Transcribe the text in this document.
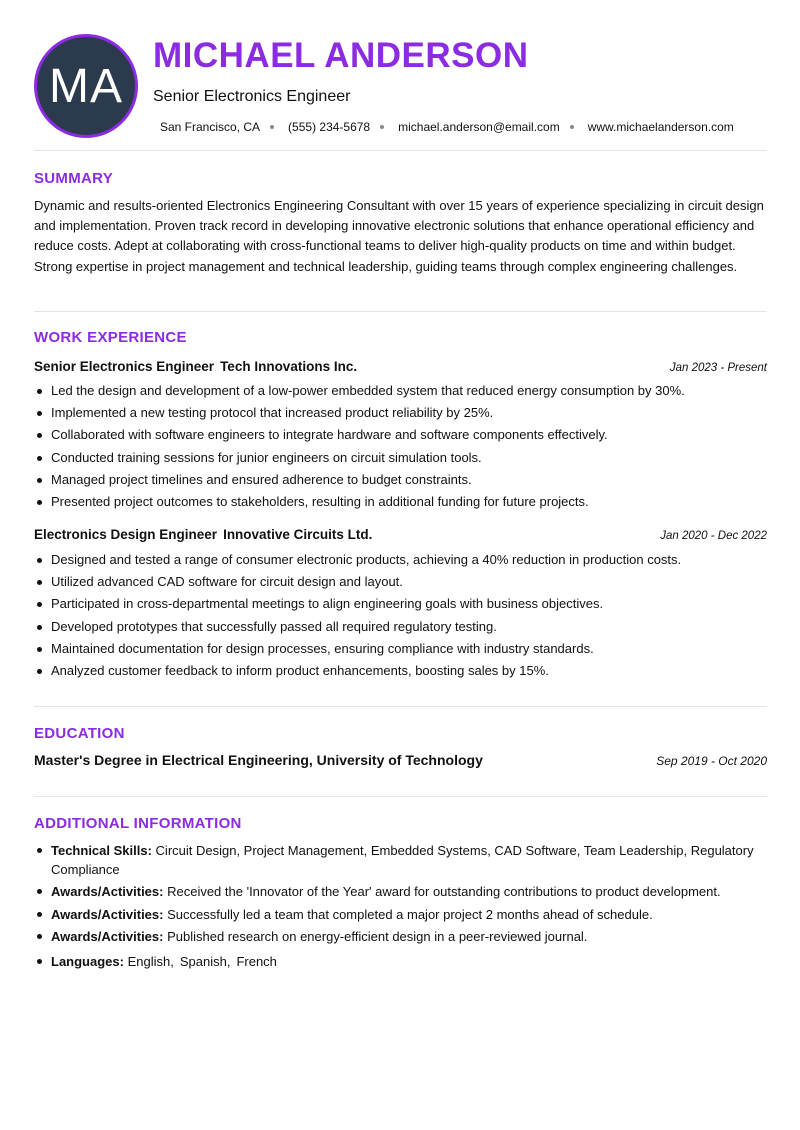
MA
MICHAEL ANDERSON
Senior Electronics Engineer
San Francisco, CA (555) 234-5678 michael.anderson@email.com www.michaelanderson.com
SUMMARY

Dynamic and results-oriented Electronics Engineering Consultant with over 15 years of experience specializing in circuit design and implementation. Proven track record in developing innovative electronic solutions that enhance operational efficiency and reduce costs. Adept at collaborating with cross-functional teams to deliver high-quality products on time and within budget. Strong expertise in project management and technical leadership, guiding teams through complex engineering challenges.

WORK EXPERIENCE
Senior Electronics Engineer Tech Innovations Inc.	Jan 2023 - Present
Led the design and development of a low-power embedded system that reduced energy consumption by 30%.
Implemented a new testing protocol that increased product reliability by 25%.
Collaborated with software engineers to integrate hardware and software components effectively.
Conducted training sessions for junior engineers on circuit simulation tools.
Managed project timelines and ensured adherence to budget constraints.
Presented project outcomes to stakeholders, resulting in additional funding for future projects.
Electronics Design Engineer Innovative Circuits Ltd.	Jan 2020 - Dec 2022
Designed and tested a range of consumer electronic products, achieving a 40% reduction in production costs.
Utilized advanced CAD software for circuit design and layout.
Participated in cross-departmental meetings to align engineering goals with business objectives.
Developed prototypes that successfully passed all required regulatory testing.
Maintained documentation for design processes, ensuring compliance with industry standards.
Analyzed customer feedback to inform product enhancements, boosting sales by 15%.
EDUCATION
Master's Degree in Electrical Engineering, University of Technology	Sep 2019 - Oct 2020
ADDITIONAL INFORMATION
Technical Skills: Circuit Design, Project Management, Embedded Systems, CAD Software, Team Leadership, Regulatory Compliance
Awards/Activities: Received the 'Innovator of the Year' award for outstanding contributions to product development.
Awards/Activities: Successfully led a team that completed a major project 2 months ahead of schedule.
Awards/Activities: Published research on energy-efficient design in a peer-reviewed journal.
Languages: English, Spanish, French
